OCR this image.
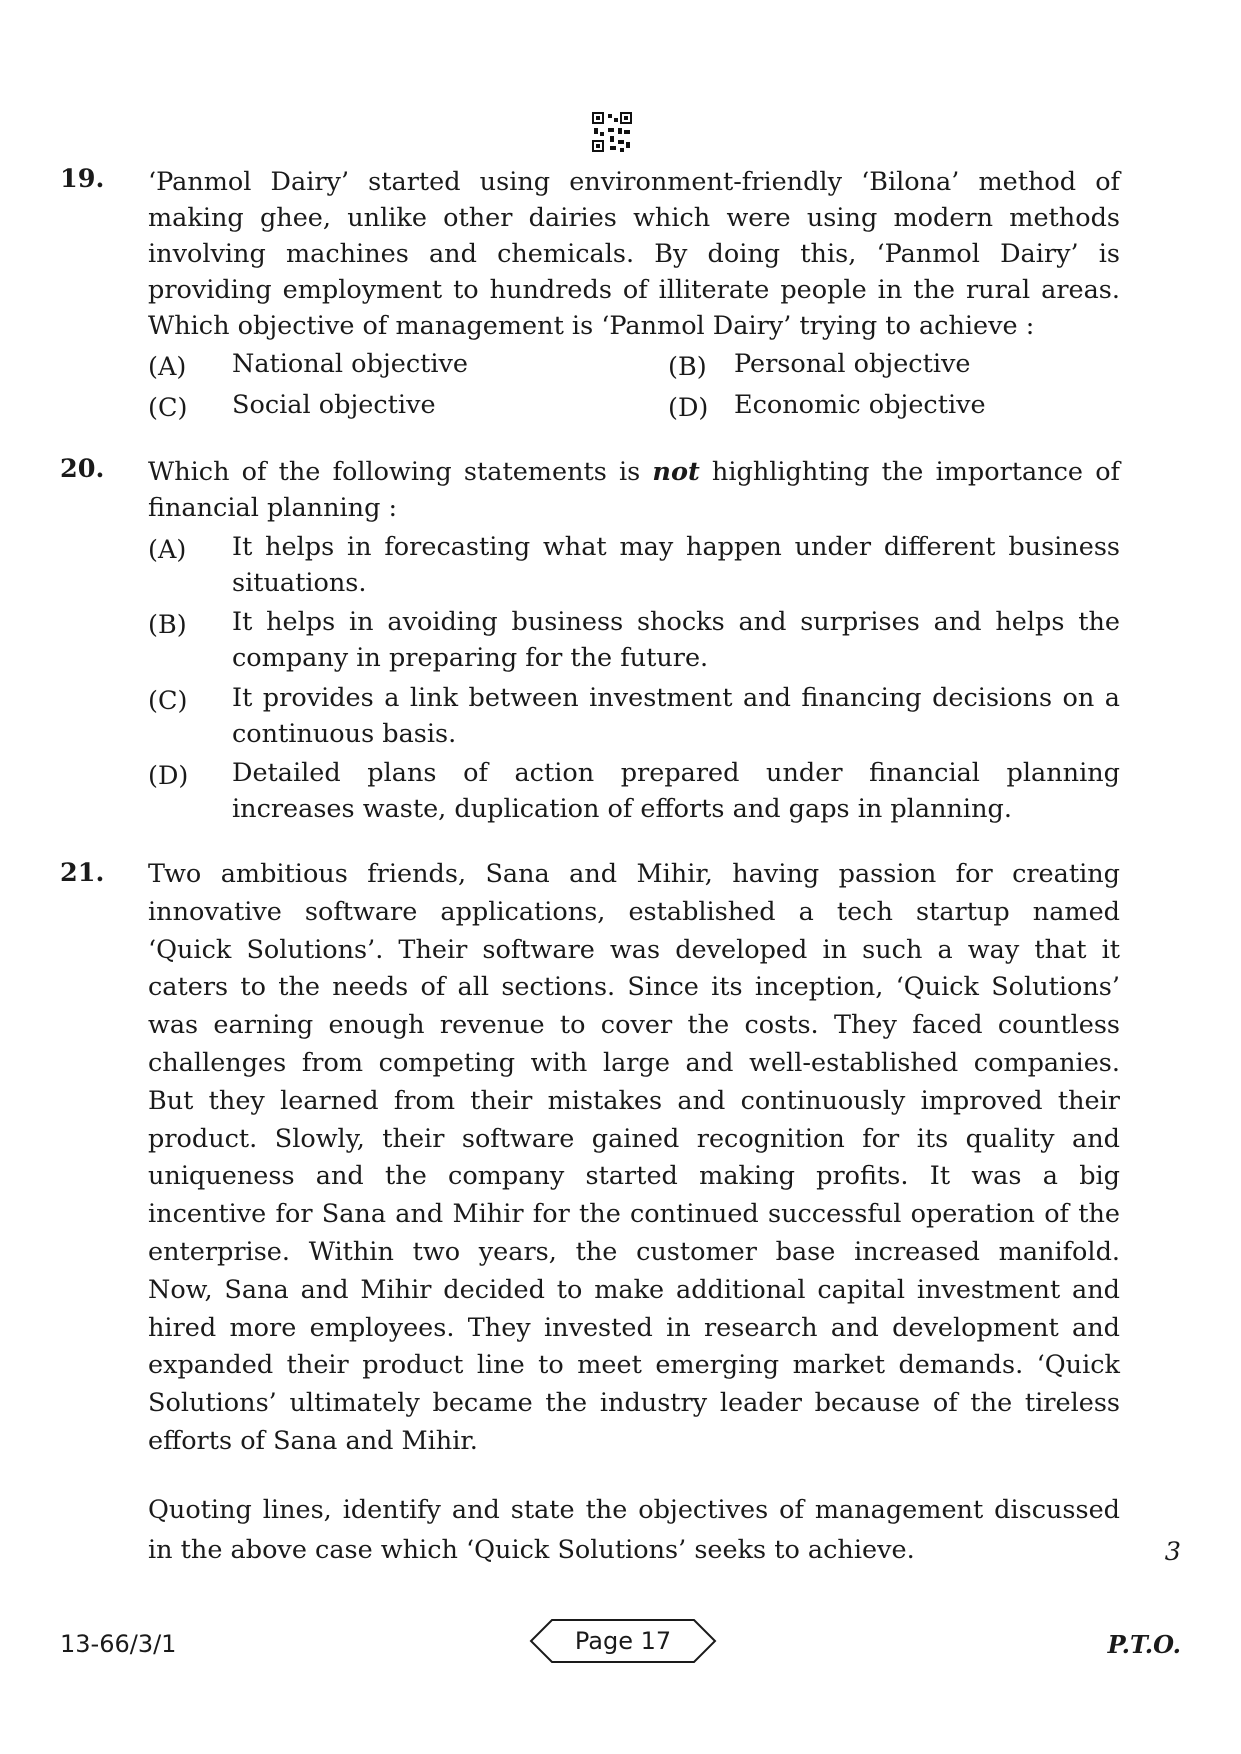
19. ‘Panmol Dairy’ started using environment-friendly ‘Bilona’ method of
making ghee, unlike other dairies which were using modern methods
involving machines and chemicals. By doing this, ‘Panmol Dairy’ is
providing employment to hundreds of illiterate people in the rural areas.
Which objective of management is ‘Panmol Dairy’ trying to achieve :
(A) National objective	(B) Personal objective
(C) Social objective	(D) Economic objective
20. Which of the following statements is not highlighting the importance of
financial planning :
(A) It helps in forecasting what may happen under different business
situations.
(B) It helps in avoiding business shocks and surprises and helps the
company in preparing for the future.
(C) It provides a link between investment and financing decisions on a
continuous basis.
(D) Detailed plans of action prepared under financial planning
increases waste, duplication of efforts and gaps in planning.
21. Two ambitious friends, Sana and Mihir, having passion for creating
innovative software applications, established a tech startup named
‘Quick Solutions’. Their software was developed in such a way that it
caters to the needs of all sections. Since its inception, ‘Quick Solutions’
was earning enough revenue to cover the costs. They faced countless
challenges from competing with large and well-established companies.
But they learned from their mistakes and continuously improved their
product. Slowly, their software gained recognition for its quality and
uniqueness and the company started making profits. It was a big
incentive for Sana and Mihir for the continued successful operation of the
enterprise. Within two years, the customer base increased manifold.
Now, Sana and Mihir decided to make additional capital investment and
hired more employees. They invested in research and development and
expanded their product line to meet emerging market demands. ‘Quick
Solutions’ ultimately became the industry leader because of the tireless
efforts of Sana and Mihir.
Quoting lines, identify and state the objectives of management discussed
in the above case which ‘Quick Solutions’ seeks to achieve.	3
13-66/3/1	Page 17	P.T.O.
